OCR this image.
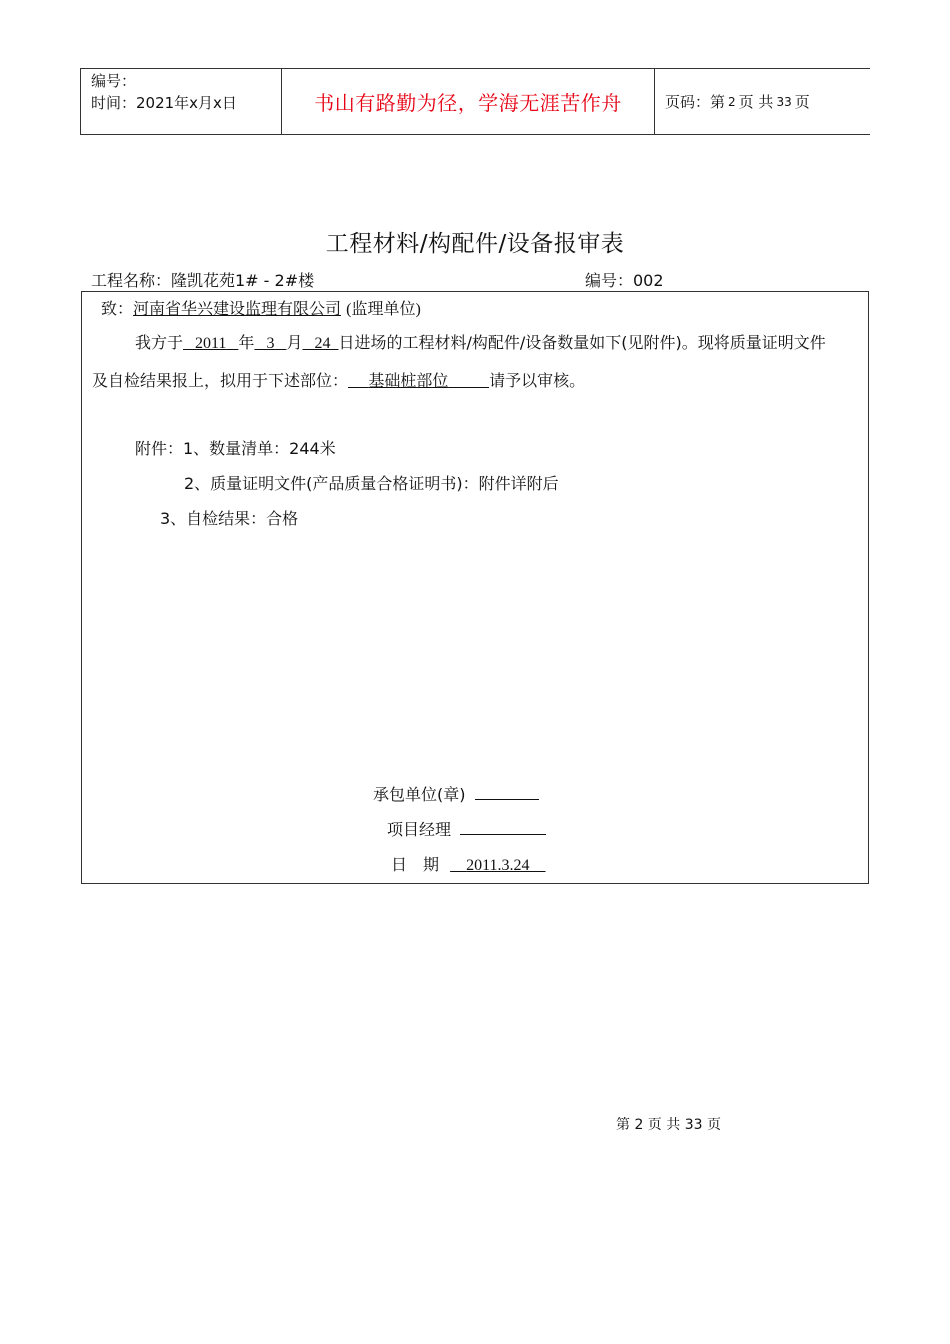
编号：
时间：2021年x月x日	书山有路勤为径，学海无涯苦作舟	页码：第 2 页 共 33 页
工程材料/构配件/设备报审表
工程名称：隆凯花苑1# - 2#楼	编号：002
致：河南省华兴建设监理有限公司 (监理单位)
我方于 2011 年 3 月 24 日进场的工程材料/构配件/设备数量如下(见附件)。现将质量证明文件
及自检结果报上，拟用于下述部位： 基础桩部位	请予以审核。
附件：1、数量清单：244米
2、质量证明文件(产品质量合格证明书)：附件详附后
3、自检结果：合格
承包单位(章)
项目经理
日　期 2011.3.24
第 2 页 共 33 页
